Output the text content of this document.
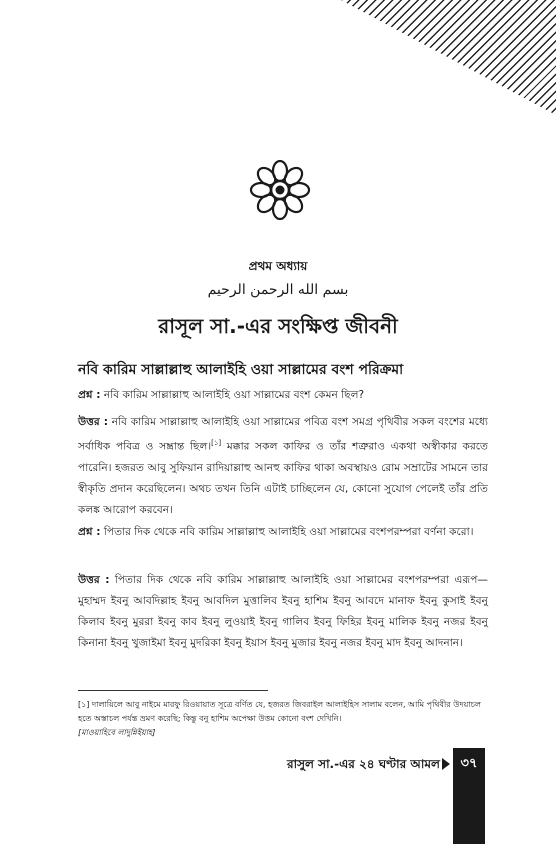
প্রথম অধ্যায়
بسم الله الرحمن الرحيم
রাসূল সা.-এর সংক্ষিপ্ত জীবনী
নবি কারিম সাল্লাল্লাহু আলাইহি ওয়া সাল্লামের বংশ পরিক্রমা
প্রশ্ন : নবি কারিম সাল্লাল্লাহু আলাইহি ওয়া সাল্লামের বংশ কেমন ছিল?
উত্তর : নবি কারিম সাল্লাল্লাহু আলাইহি ওয়া সাল্লামের পবিত্র বংশ সমগ্র পৃথিবীর সকল বংশের মধ্যে সর্বাধিক পবিত্র ও সম্ভ্রান্ত ছিল।[১] মক্কার সকল কাফির ও তাঁর শত্রুরাও একথা অস্বীকার করতে পারেনি। হজরত আবু সুফিয়ান রাদিয়াল্লাহু আনহু কাফির থাকা অবস্থায়ও রোম সম্রাটের সামনে তার স্বীকৃতি প্রদান করেছিলেন। অথচ তখন তিনি এটাই চাচ্ছিলেন যে, কোনো সুযোগ পেলেই তাঁর প্রতি কলঙ্ক আরোপ করবেন।
প্রশ্ন : পিতার দিক থেকে নবি কারিম সাল্লাল্লাহু আলাইহি ওয়া সাল্লামের বংশপরম্পরা বর্ণনা করো।
উত্তর : পিতার দিক থেকে নবি কারিম সাল্লাল্লাহু আলাইহি ওয়া সাল্লামের বংশপরম্পরা এরূপ—মুহাম্মদ ইবনু আবদিল্লাহ ইবনু আবদিল মুত্তালিব ইবনু হাশিম ইবনু আবদে মানাফ ইবনু কুসাই ইবনু কিলাব ইবনু মুররা ইবনু কাব ইবনু লুওয়াই ইবনু গালিব ইবনু ফিহির ইবনু মালিক ইবনু নজর ইবনু কিনানা ইবনু খুজাইমা ইবনু মুদরিকা ইবনু ইয়াস ইবনু মুজার ইবনু নজর ইবনু মাদ ইবনু আদনান।
[১] দালায়িলে আবু নাইমে মারফু রিওয়ায়াত সূত্রে বর্ণিত যে, হজরত জিবরাইল আলাইহিস সালাম বলেন, আমি পৃথিবীর উদয়াচল হতে অস্তাচল পর্যন্ত ভ্রমণ করেছি; কিন্তু বনু হাশিম অপেক্ষা উত্তম কোনো বংশ দেখিনি।
[মাওয়াহিবে লাদুন্নিইয়াহ]
রাসুল সা.-এর ২৪ ঘণ্টার আমল	৩৭
